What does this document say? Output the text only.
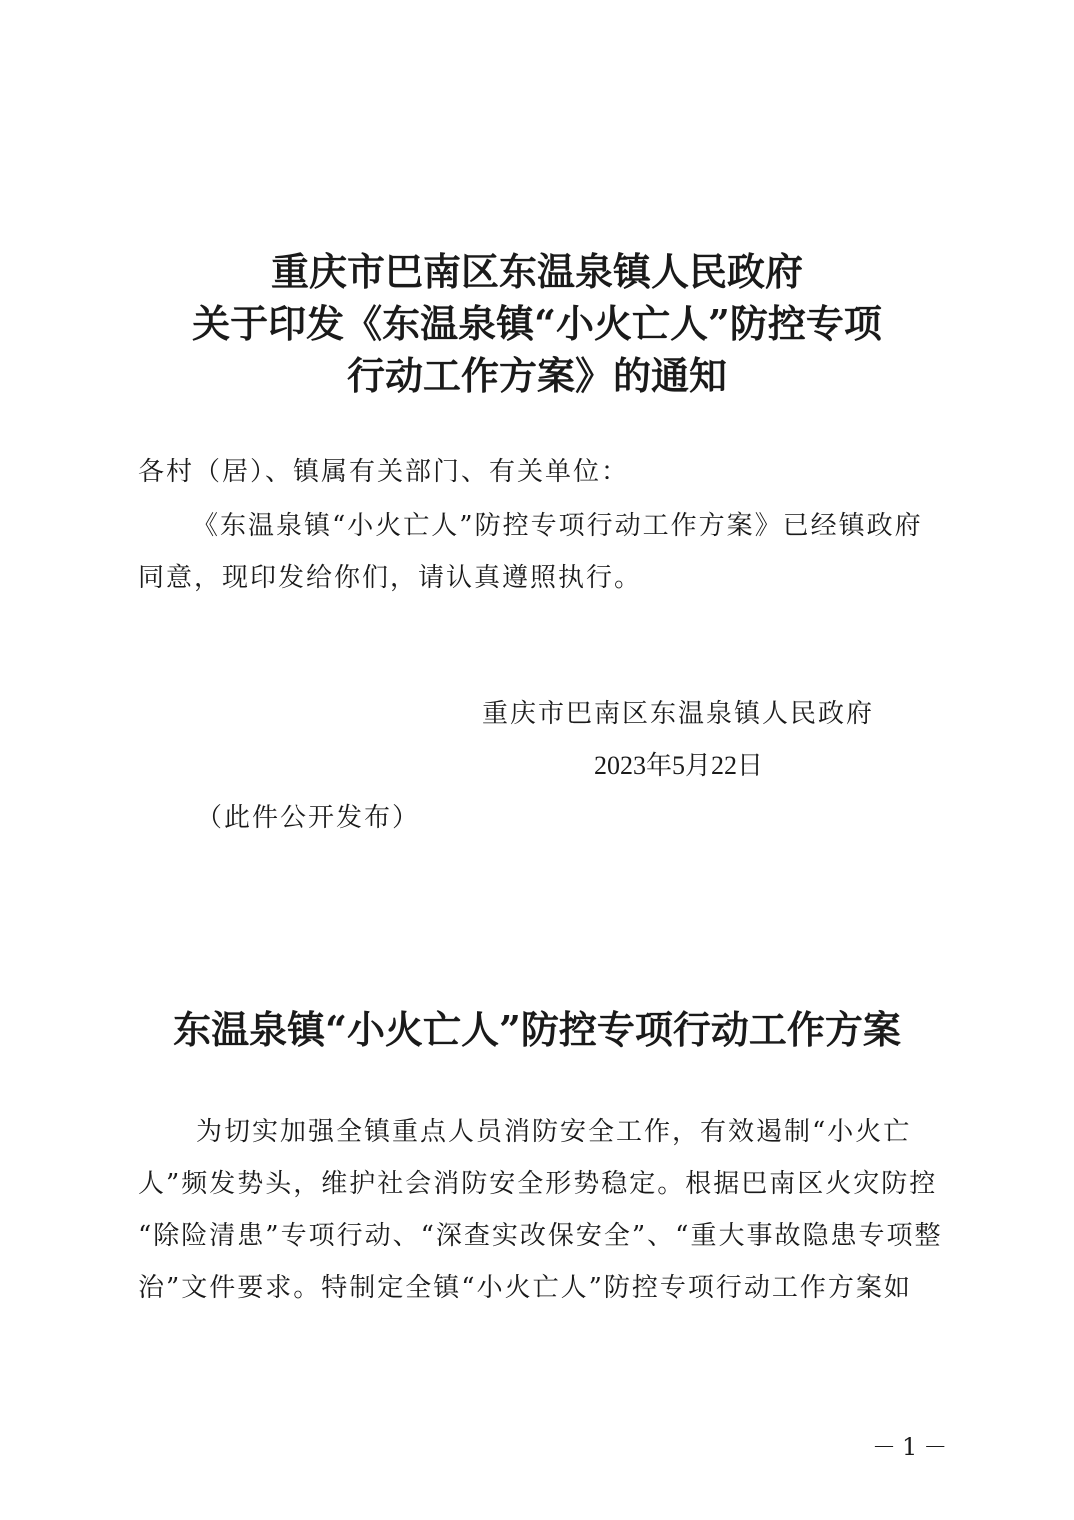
重庆市巴南区东温泉镇人民政府
关于印发《东温泉镇“小火亡人”防控专项
行动工作方案》的通知
各村（居）、镇属有关部门、有关单位：
《东温泉镇“小火亡人”防控专项行动工作方案》已经镇政府
同意，现印发给你们，请认真遵照执行。
重庆市巴南区东温泉镇人民政府
2023年5月22日
（此件公开发布）
东温泉镇“小火亡人”防控专项行动工作方案
为切实加强全镇重点人员消防安全工作，有效遏制“小火亡
人”频发势头，维护社会消防安全形势稳定。根据巴南区火灾防控
“除险清患”专项行动、“深查实改保安全”、“重大事故隐患专项整
治”文件要求。特制定全镇“小火亡人”防控专项行动工作方案如
－1－
